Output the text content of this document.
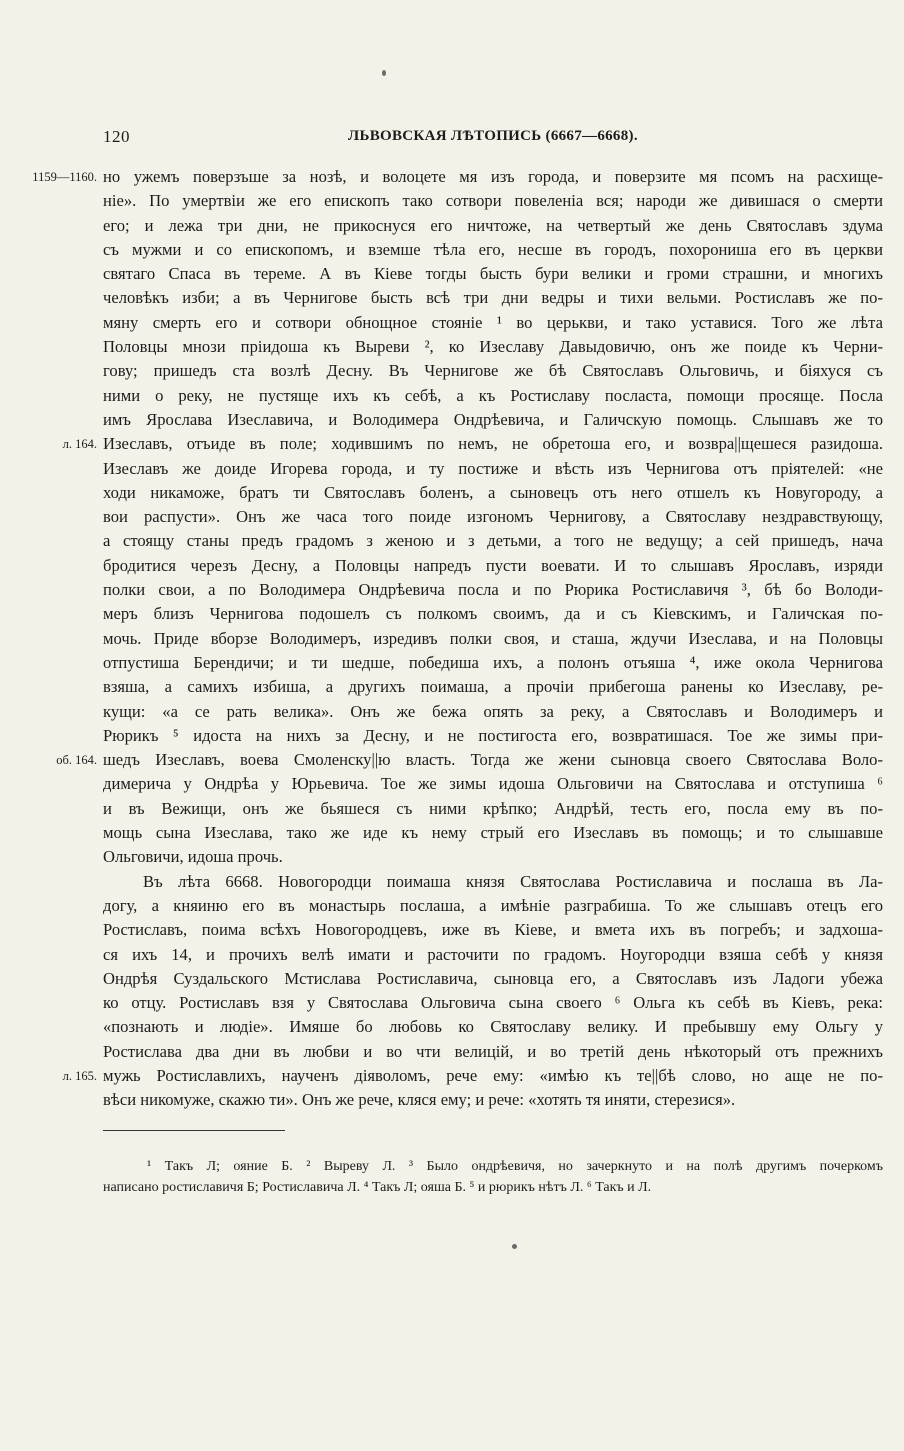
120	ЛЬВОВСКАЯ ЛѢТОПИСЬ (6667—6668).
1159—1160. но ужемъ поверзъше за нозѣ, и волоцете мя изъ города, и поверзите мя псомъ на расхище-
ніе». По умертвіи же его епископъ тако сотвори повеленіа вся; народи же дивишася о смерти
его; и лежа три дни, не прикоснуся его ничтоже, на четвертый же день Святославъ здума
съ мужми и со епископомъ, и вземше тѣла его, несше въ городъ, похорониша его въ церкви
святаго Спаса въ тереме. А въ Кіеве тогды бысть бури велики и громи страшни, и многихъ
человѣкъ изби; а въ Чернигове бысть всѣ три дни ведры и тихи вельми. Ростиславъ же по-
мяну смерть его и сотвори обнощное стояніе ¹ во церькви, и тако уставися. Того же лѣта
Половцы мнози пріидоша къ Выреви ², ко Изеславу Давыдовичю, онъ же поиде къ Черни-
гову; пришедъ ста возлѣ Десну. Въ Чернигове же бѣ Святославъ Ольговичь, и бiяхуся съ
ними о реку, не пустяще ихъ къ себѣ, а къ Ростиславу посласта, помощи просяще. Посла
имъ Ярослава Изеславича, и Володимера Ондрѣевича, и Галичскую помощь. Слышавъ же то
л. 164. Изеславъ, отъиде въ поле; ходившимъ по немъ, не обретоша его, и возвра||щешеся разидоша.
Изеславъ же доиде Игорева города, и ту постиже и вѣсть изъ Чернигова отъ пріятелей: «не
ходи никаможе, братъ ти Святославъ боленъ, а сыновецъ отъ него отшелъ къ Новугороду, а
вои распусти». Онъ же часа того поиде изгономъ Чернигову, а Святославу нездравствующу,
а стоящу станы предъ градомъ з женою и з детьми, а того не ведущу; а сей пришедъ, нача
бродитися черезъ Десну, а Половцы напредъ пусти воевати. И то слышавъ Ярославъ, изряди
полки свои, а по Володимера Ондрѣевича посла и по Рюрика Ростиславичя ³, бѣ бо Володи-
меръ близъ Чернигова подошелъ съ полкомъ своимъ, да и съ Кіевскимъ, и Галичская по-
мочь. Приде вборзе Володимеръ, изредивъ полки своя, и сташа, ждучи Изеслава, и на Половцы
отпустиша Берендичи; и ти шедше, победиша ихъ, а полонъ отъяша ⁴, иже окола Чернигова
взяша, а самихъ избиша, а другихъ поимаша, а прочіи прибегоша ранены ко Изеславу, ре-
кущи: «а се рать велика». Онъ же бежа опять за реку, а Святославъ и Володимеръ и
Рюрикъ ⁵ идоста на нихъ за Десну, и не постигоста его, возвратишася. Тое же зимы при-
об. 164. шедъ Изеславъ, воева Смоленску||ю власть. Тогда же жени сыновца своего Святослава Воло-
димерича у Ондрѣа у Юрьевича. Тое же зимы идоша Ольговичи на Святослава и отступиша ⁶
и въ Вежищи, онъ же бьяшеся съ ними крѣпко; Андрѣй, тесть его, посла ему въ по-
мощь сына Изеслава, тако же иде къ нему стрый его Изеславъ въ помощь; и то слышавше
Ольговичи, идоша прочь.
Въ лѣта 6668. Новогородци поимаша князя Святослава Ростиславича и послаша въ Ла-
догу, а княиню его въ монастырь послаша, а имѣніе разграбиша. То же слышавъ отецъ его
Ростиславъ, поима всѣхъ Новогородцевъ, иже въ Кіеве, и вмета ихъ въ погребъ; и задхоша-
ся ихъ 14, и прочихъ велѣ имати и расточити по градомъ. Ноугородци взяша себѣ у князя
Ондрѣя Суздальского Мстислава Ростиславича, сыновца его, а Святославъ изъ Ладоги убежа
ко отцу. Ростиславъ взя у Святослава Ольговича сына своего ⁶ Ольга къ себѣ въ Кіевъ, река:
«познають и людіе». Имяше бо любовь ко Святославу велику. И пребывшу ему Ольгу у
Ростислава два дни въ любви и во чти велицій, и во третій день нѣкоторый отъ прежнихъ
л. 165. мужь Ростиславлихъ, наученъ діяволомъ, рече ему: «имѣю къ те||бѣ слово, но аще не по-
вѣси никомуже, скажю ти». Онъ же рече, кляся ему; и рече: «хотять тя иняти, стерезися».
¹ Такъ Л; ояние Б. ² Выреву Л. ³ Было ондрѣевичя, но зачеркнуто и на полѣ другимъ почеркомъ
написано ростиславичя Б; Ростиславича Л. ⁴ Такъ Л; ояша Б. ⁵ и рюрикъ нѣтъ Л. ⁶ Такъ и Л.
